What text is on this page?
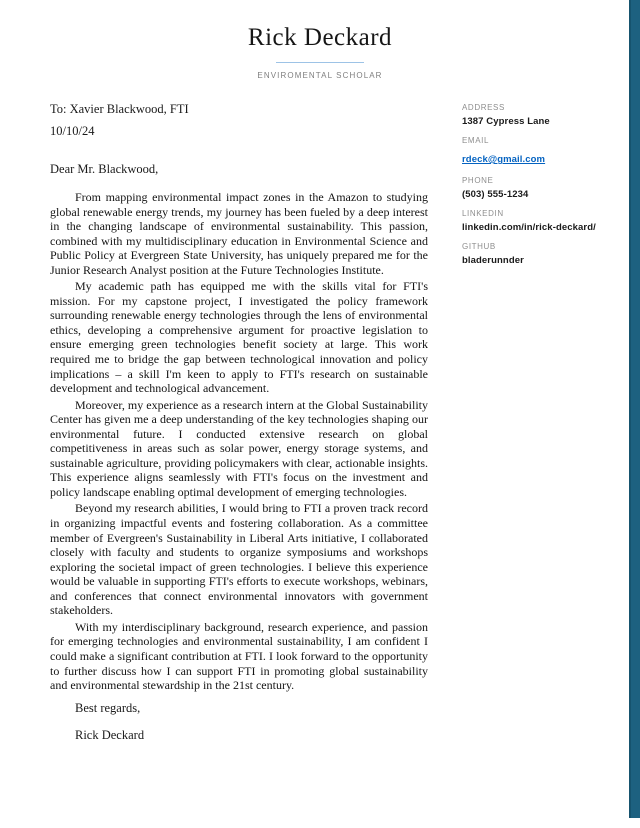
Rick Deckard
ENVIROMENTAL SCHOLAR
To: Xavier Blackwood, FTI
10/10/24
Dear Mr. Blackwood,

From mapping environmental impact zones in the Amazon to studying global renewable energy trends, my journey has been fueled by a deep interest in the changing landscape of environmental sustainability. This passion, combined with my multidisciplinary education in Environmental Science and Public Policy at Evergreen State University, has uniquely prepared me for the Junior Research Analyst position at the Future Technologies Institute.

My academic path has equipped me with the skills vital for FTI's mission. For my capstone project, I investigated the policy framework surrounding renewable energy technologies through the lens of environmental ethics, developing a comprehensive argument for proactive legislation to ensure emerging green technologies benefit society at large. This work required me to bridge the gap between technological innovation and policy implications – a skill I'm keen to apply to FTI's research on sustainable development and technological advancement.

Moreover, my experience as a research intern at the Global Sustainability Center has given me a deep understanding of the key technologies shaping our environmental future. I conducted extensive research on global competitiveness in areas such as solar power, energy storage systems, and sustainable agriculture, providing policymakers with clear, actionable insights. This experience aligns seamlessly with FTI's focus on the investment and policy landscape enabling optimal development of emerging technologies.

Beyond my research abilities, I would bring to FTI a proven track record in organizing impactful events and fostering collaboration. As a committee member of Evergreen's Sustainability in Liberal Arts initiative, I collaborated closely with faculty and students to organize symposiums and workshops exploring the societal impact of green technologies. I believe this experience would be valuable in supporting FTI's efforts to execute workshops, webinars, and conferences that connect environmental innovators with government stakeholders.

With my interdisciplinary background, research experience, and passion for emerging technologies and environmental sustainability, I am confident I could make a significant contribution at FTI. I look forward to the opportunity to further discuss how I can support FTI in promoting global sustainability and environmental stewardship in the 21st century.

Best regards,
Rick Deckard
ADDRESS
1387 Cypress Lane
EMAIL
rdeck@gmail.com
PHONE
(503) 555-1234
LINKEDIN
linkedin.com/in/rick-deckard/
GITHUB
bladerunnder
